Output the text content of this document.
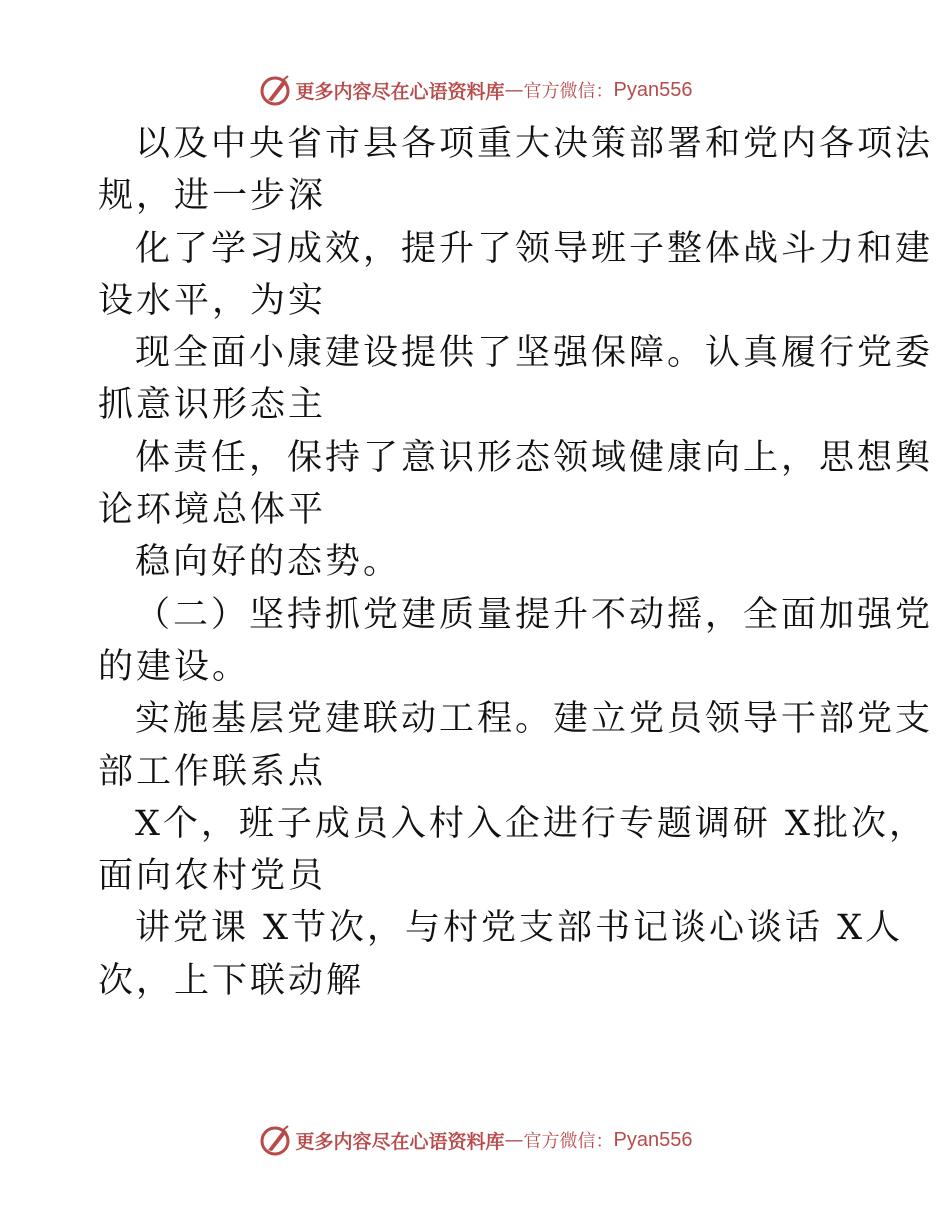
更多内容尽在心语资料库 — 官方微信： Pyan556
以及中央省市县各项重大决策部署和党内各项法
规，进一步深
化了学习成效，提升了领导班子整体战斗力和建
设水平，为实
现全面小康建设提供了坚强保障。认真履行党委
抓意识形态主
体责任，保持了意识形态领域健康向上，思想舆
论环境总体平
稳向好的态势。
（二）坚持抓党建质量提升不动摇，全面加强党
的建设。
实施基层党建联动工程。建立党员领导干部党支
部工作联系点
X个，班子成员入村入企进行专题调研 X批次，
面向农村党员
讲党课 X节次，与村党支部书记谈心谈话 X人
次，上下联动解
更多内容尽在心语资料库 — 官方微信： Pyan556
